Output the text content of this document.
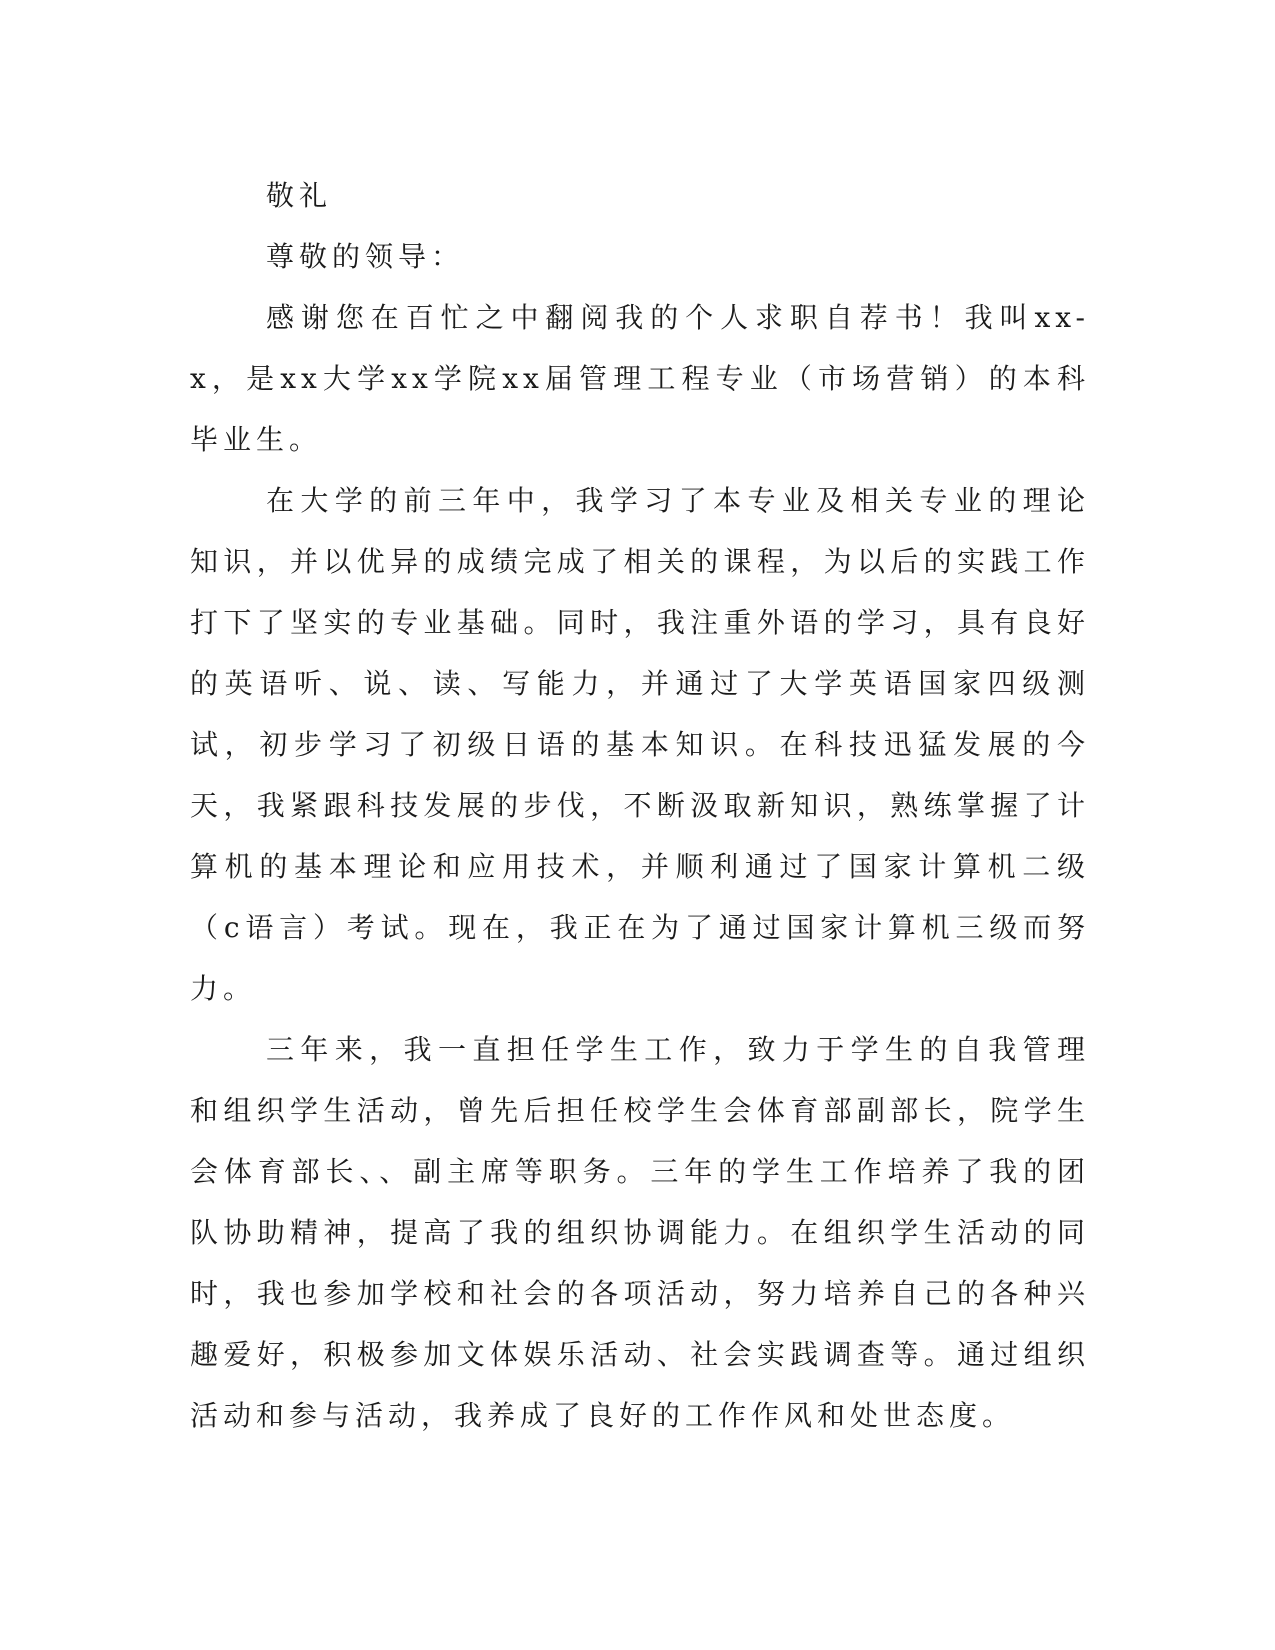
敬礼

尊敬的领导：

感谢您在百忙之中翻阅我的个人求职自荐书！我叫xx-x，是xx大学xx学院xx届管理工程专业（市场营销）的本科毕业生。

在大学的前三年中，我学习了本专业及相关专业的理论知识，并以优异的成绩完成了相关的课程，为以后的实践工作打下了坚实的专业基础。同时，我注重外语的学习，具有良好的英语听、说、读、写能力，并通过了大学英语国家四级测试，初步学习了初级日语的基本知识。在科技迅猛发展的今天，我紧跟科技发展的步伐，不断汲取新知识，熟练掌握了计算机的基本理论和应用技术，并顺利通过了国家计算机二级（c语言）考试。现在，我正在为了通过国家计算机三级而努力。

三年来，我一直担任学生工作，致力于学生的自我管理和组织学生活动，曾先后担任校学生会体育部副部长，院学生会体育部长、、副主席等职务。三年的学生工作培养了我的团队协助精神，提高了我的组织协调能力。在组织学生活动的同时，我也参加学校和社会的各项活动，努力培养自己的各种兴趣爱好，积极参加文体娱乐活动、社会实践调查等。通过组织活动和参与活动，我养成了良好的工作作风和处世态度。
